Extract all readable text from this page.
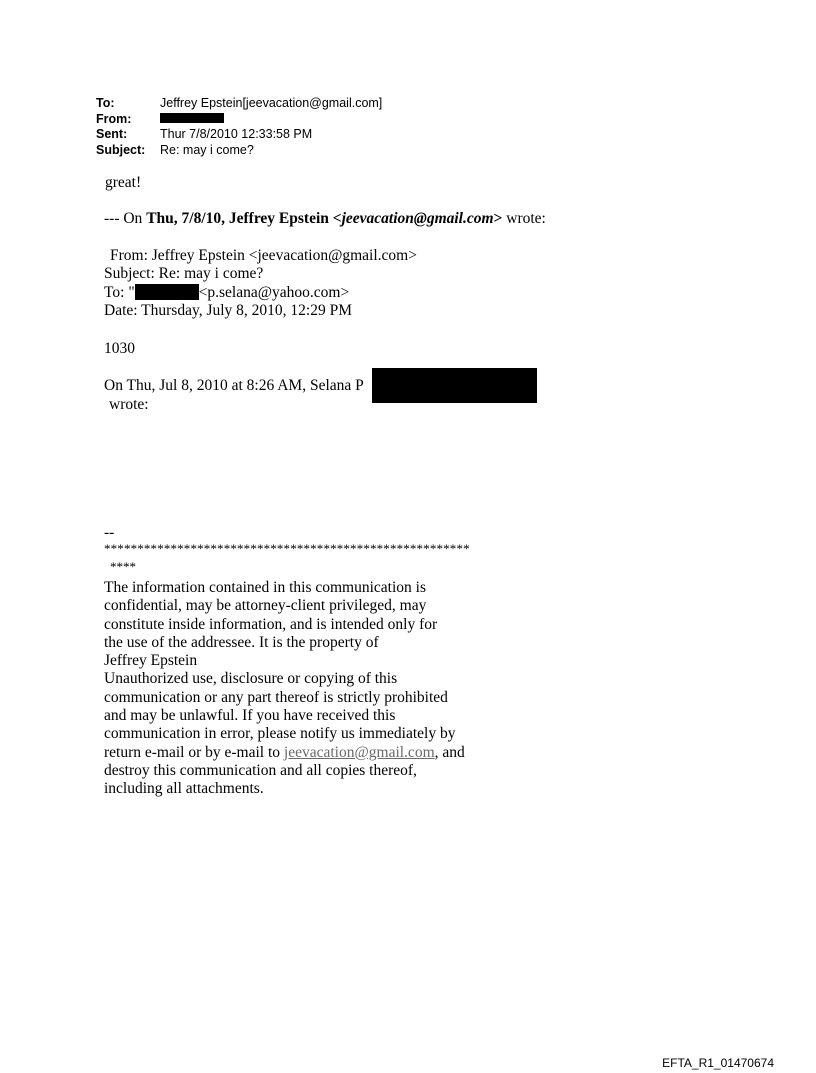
To:	Jeffrey Epstein[jeevacation@gmail.com]
From:
Sent:	Thur 7/8/2010 12:33:58 PM
Subject:	Re: may i come?
great!
--- On Thu, 7/8/10, Jeffrey Epstein <jeevacation@gmail.com> wrote:
From: Jeffrey Epstein <jeevacation@gmail.com>
Subject: Re: may i come?
To: "	<p.selana@yahoo.com>
Date: Thursday, July 8, 2010, 12:29 PM
1030
On Thu, Jul 8, 2010 at 8:26 AM, Selana P
wrote:
--
*******************************************************
****
The information contained in this communication is
confidential, may be attorney-client privileged, may
constitute inside information, and is intended only for
the use of the addressee. It is the property of
Jeffrey Epstein
Unauthorized use, disclosure or copying of this
communication or any part thereof is strictly prohibited
and may be unlawful. If you have received this
communication in error, please notify us immediately by
return e-mail or by e-mail to jeevacation@gmail.com, and
destroy this communication and all copies thereof,
including all attachments.
EFTA_R1_01470674
